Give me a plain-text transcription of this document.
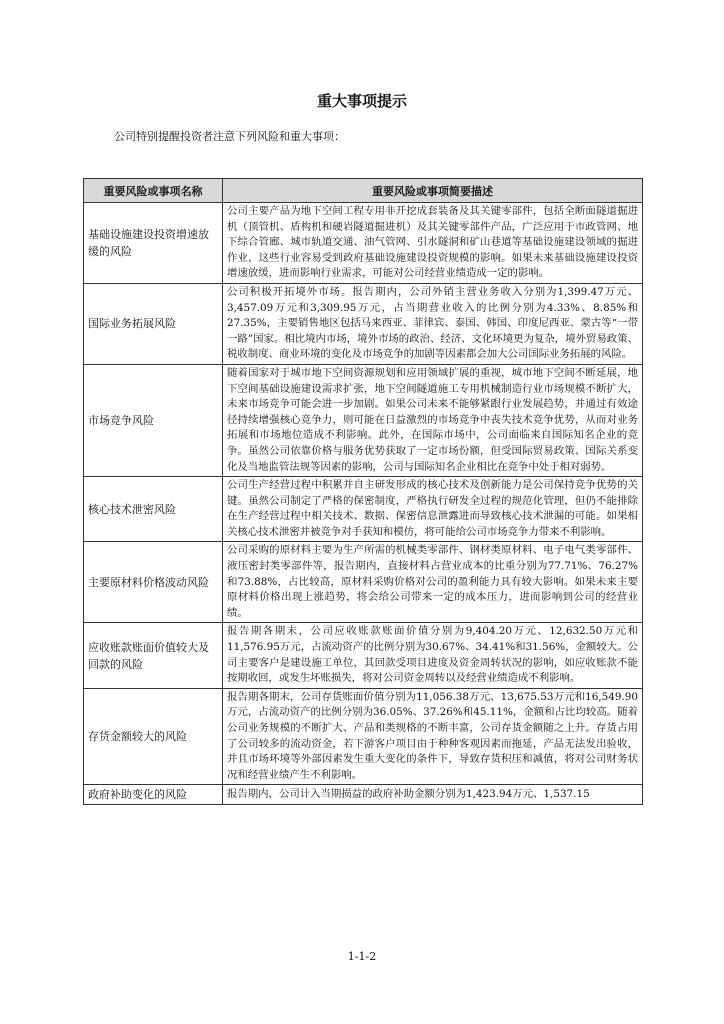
重大事项提示
公司特别提醒投资者注意下列风险和重大事项：
重要风险或事项名称	重要风险或事项简要描述
基础设施建设投资增速放缓的风险	公司主要产品为地下空间工程专用非开挖成套装备及其关键零部件，包括全断面隧道掘进机（顶管机、盾构机和硬岩隧道掘进机）及其关键零部件产品，广泛应用于市政管网、地下综合管廊、城市轨道交通、油气管网、引水隧洞和矿山巷道等基础设施建设领域的掘进作业，这些行业容易受到政府基础设施建设投资规模的影响。如果未来基础设施建设投资增速放缓，进而影响行业需求，可能对公司经营业绩造成一定的影响。
国际业务拓展风险	公司积极开拓境外市场。报告期内，公司外销主营业务收入分别为1,399.47万元、3,457.09万元和3,309.95万元，占当期营业收入的比例分别为4.33%、8.85%和27.35%，主要销售地区包括马来西亚、菲律宾、泰国、韩国、印度尼西亚、蒙古等“一带一路”国家。相比境内市场，境外市场的政治、经济、文化环境更为复杂，境外贸易政策、税收制度、商业环境的变化及市场竞争的加剧等因素都会加大公司国际业务拓展的风险。
市场竞争风险	随着国家对于城市地下空间资源规划和应用领域扩展的重视，城市地下空间不断延展，地下空间基础设施建设需求扩张，地下空间隧道施工专用机械制造行业市场规模不断扩大，未来市场竞争可能会进一步加剧。如果公司未来不能够紧跟行业发展趋势，并通过有效途径持续增强核心竞争力，则可能在日益激烈的市场竞争中丧失技术竞争优势，从而对业务拓展和市场地位造成不利影响。此外，在国际市场中，公司面临来自国际知名企业的竞争。虽然公司依靠价格与服务优势获取了一定市场份额，但受国际贸易政策、国际关系变化及当地监管法规等因素的影响，公司与国际知名企业相比在竞争中处于相对弱势。
核心技术泄密风险	公司生产经营过程中积累并自主研发形成的核心技术及创新能力是公司保持竞争优势的关键。虽然公司制定了严格的保密制度，严格执行研发全过程的规范化管理，但仍不能排除在生产经营过程中相关技术、数据、保密信息泄露进而导致核心技术泄漏的可能。如果相关核心技术泄密并被竞争对手获知和模仿，将可能给公司市场竞争力带来不利影响。
主要原材料价格波动风险	公司采购的原材料主要为生产所需的机械类零部件、钢材类原材料、电子电气类零部件、液压密封类零部件等，报告期内，直接材料占营业成本的比重分别为77.71%、76.27%和73.88%，占比较高，原材料采购价格对公司的盈利能力具有较大影响。如果未来主要原材料价格出现上涨趋势，将会给公司带来一定的成本压力，进而影响到公司的经营业绩。
应收账款账面价值较大及回款的风险	报告期各期末，公司应收账款账面价值分别为9,404.20万元、12,632.50万元和11,576.95万元，占流动资产的比例分别为30.67%、34.41%和31.56%，金额较大。公司主要客户是建设施工单位，其回款受项目进度及资金周转状况的影响，如应收账款不能按期收回，或发生坏账损失，将对公司资金周转以及经营业绩造成不利影响。
存货金额较大的风险	报告期各期末，公司存货账面价值分别为11,056.38万元、13,675.53万元和16,549.90万元，占流动资产的比例分别为36.05%、37.26%和45.11%，金额和占比均较高。随着公司业务规模的不断扩大、产品和类规格的不断丰富，公司存货金额随之上升。存货占用了公司较多的流动资金，若下游客户项目由于种种客观因素而拖延，产品无法发出验收，并且市场环境等外部因素发生重大变化的条件下，导致存货积压和减值，将对公司财务状况和经营业绩产生不利影响。
政府补助变化的风险	报告期内，公司计入当期损益的政府补助金额分别为1,423.94万元、1,537.15
1-1-2
